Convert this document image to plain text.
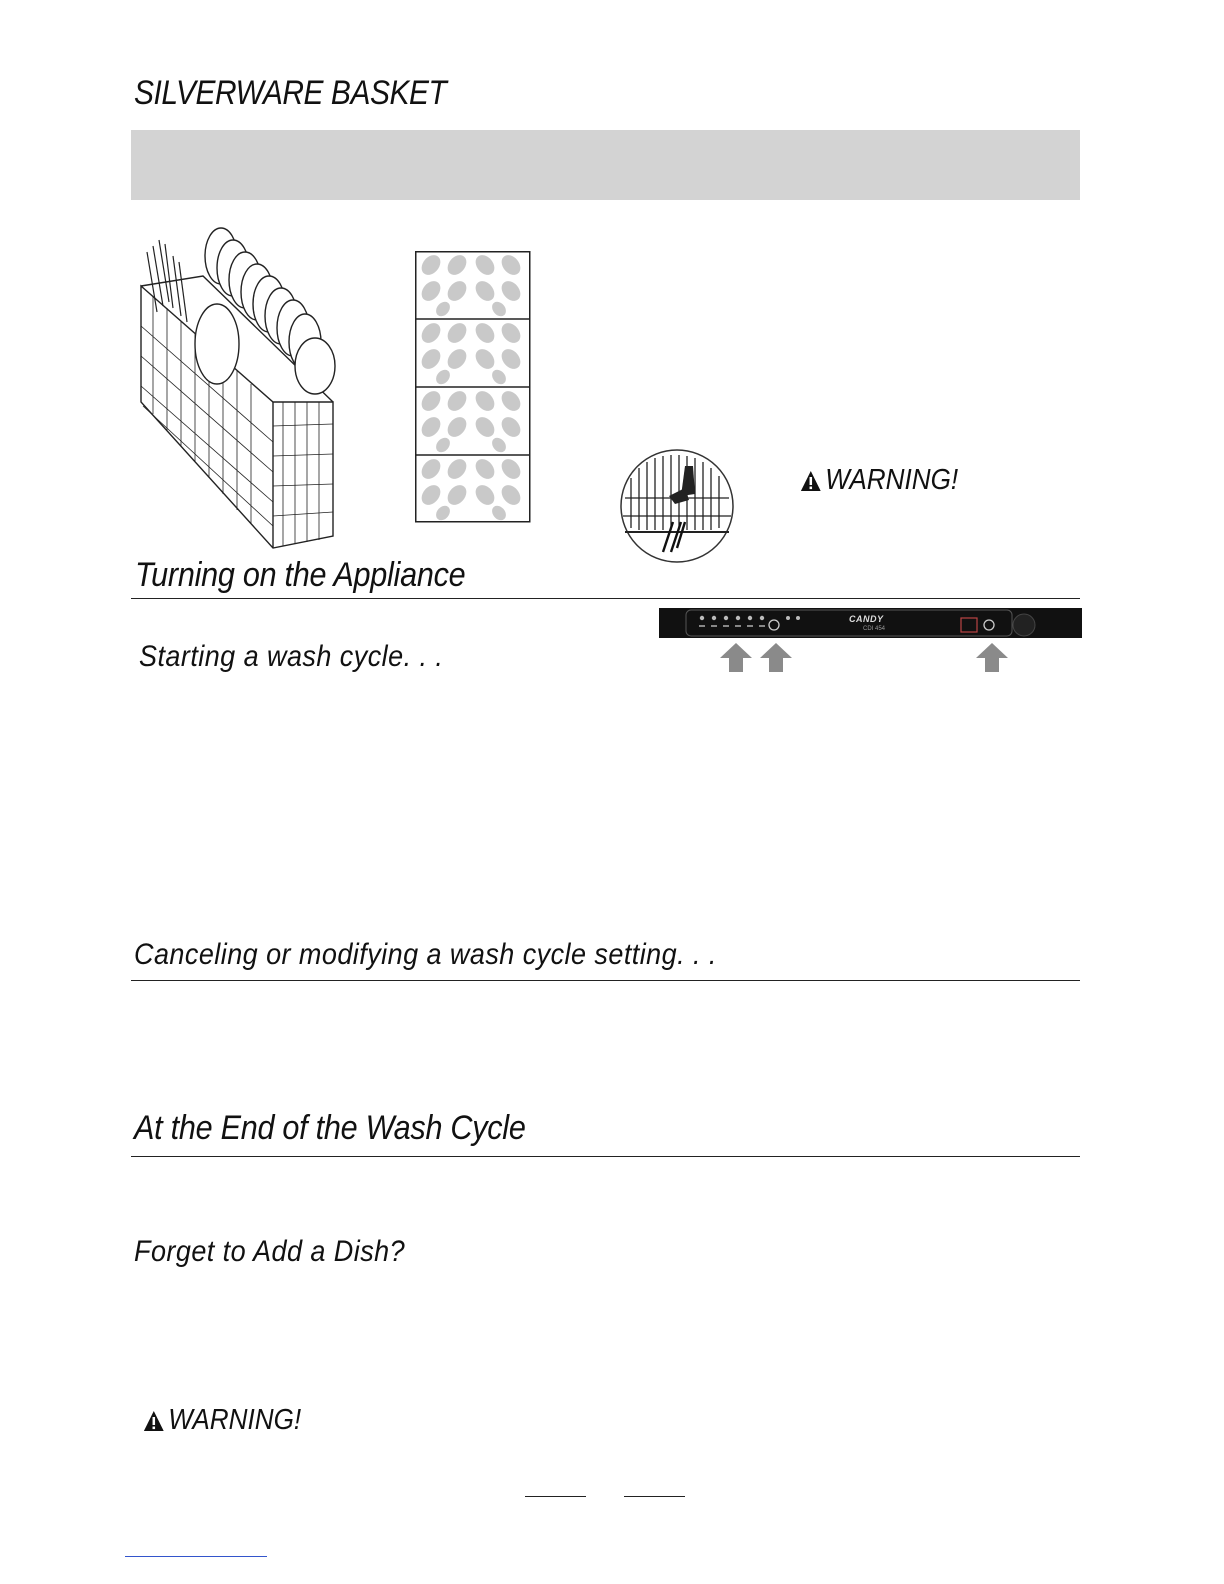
SILVERWARE BASKET
WARNING!
Turning on the Appliance
CANDY
CDI 454
Starting a wash cycle. . .
Canceling or modifying a wash cycle setting. . .
At the End of the Wash Cycle
Forget to Add a Dish?
WARNING!
